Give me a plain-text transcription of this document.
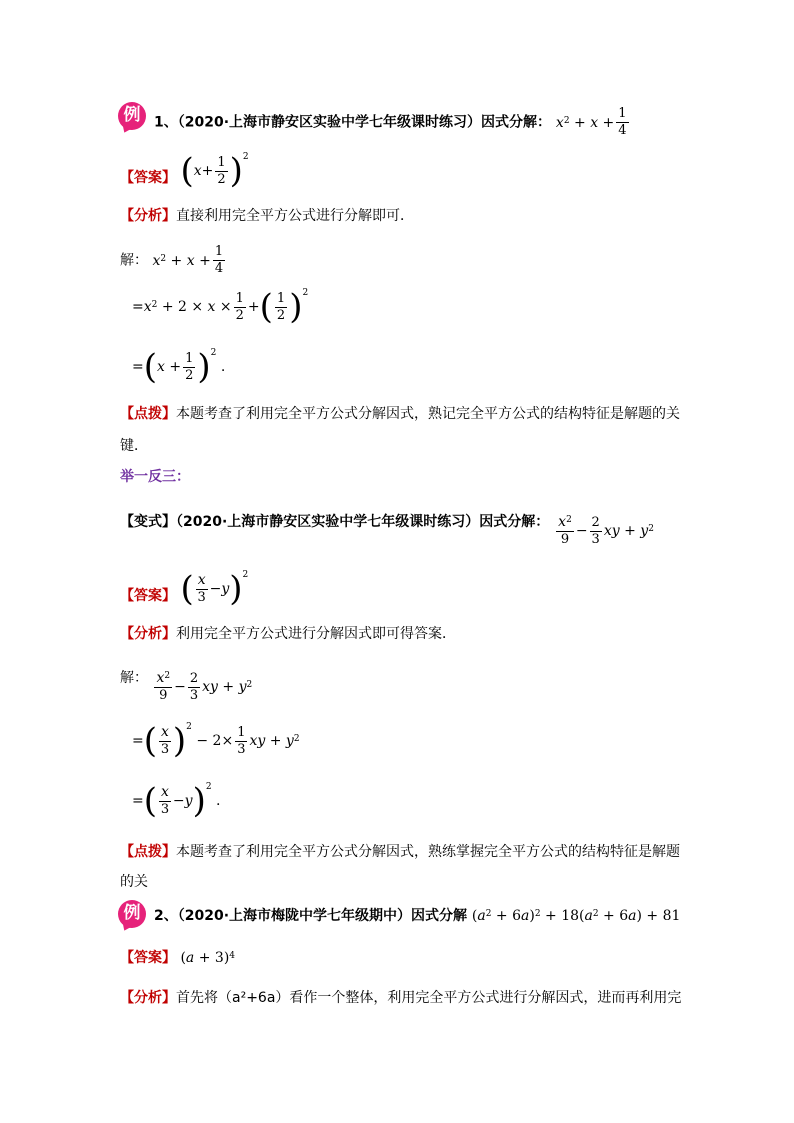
例 1、（2020·上海市静安区实验中学七年级课时练习）因式分解： x $2 + x + \frac{1}{4}$
【答案】 ( $x + \frac{1}{2}$ ) 2
【分析】直接利用完全平方公式进行分解即可．
解： x $2 + x + \frac{1}{4}$
= x $2 + 2 \times x \times \frac{1}{2}$ + ( $\frac{1}{2}$ ) 2
= ( $x + \frac{1}{2}$ ) 2
.
【点拨】本题考查了利用完全平方公式分解因式，熟记完全平方公式的结构特征是解题的关
键．
举一反三：
【变式】（2020·上海市静安区实验中学七年级课时练习）因式分解： $\frac{x^2}{9} - \frac{2}{3}$ xy + y 2
【答案】 ( $\frac{x}{3} - y$ ) 2
【分析】利用完全平方公式进行分解因式即可得答案．
解： $\frac{x^2}{9} - \frac{2}{3}$ xy + y 2
= ( $\frac{x}{3}$ ) 2
− $2\times \frac{1}{3}$ xy + y 2
= ( $\frac{x}{3} - y$ ) 2
.
【点拨】本题考查了利用完全平方公式分解因式，熟练掌握完全平方公式的结构特征是解题
的关
例 2、（2020·上海市梅陇中学七年级期中）因式分解 ( a 2 + 6 a ) 2 + 18( a 2 + 6 a ) + 81
【答案】 ( a + 3) 4
【分析】首先将（a²+6a）看作一个整体，利用完全平方公式进行分解因式，进而再利用完
